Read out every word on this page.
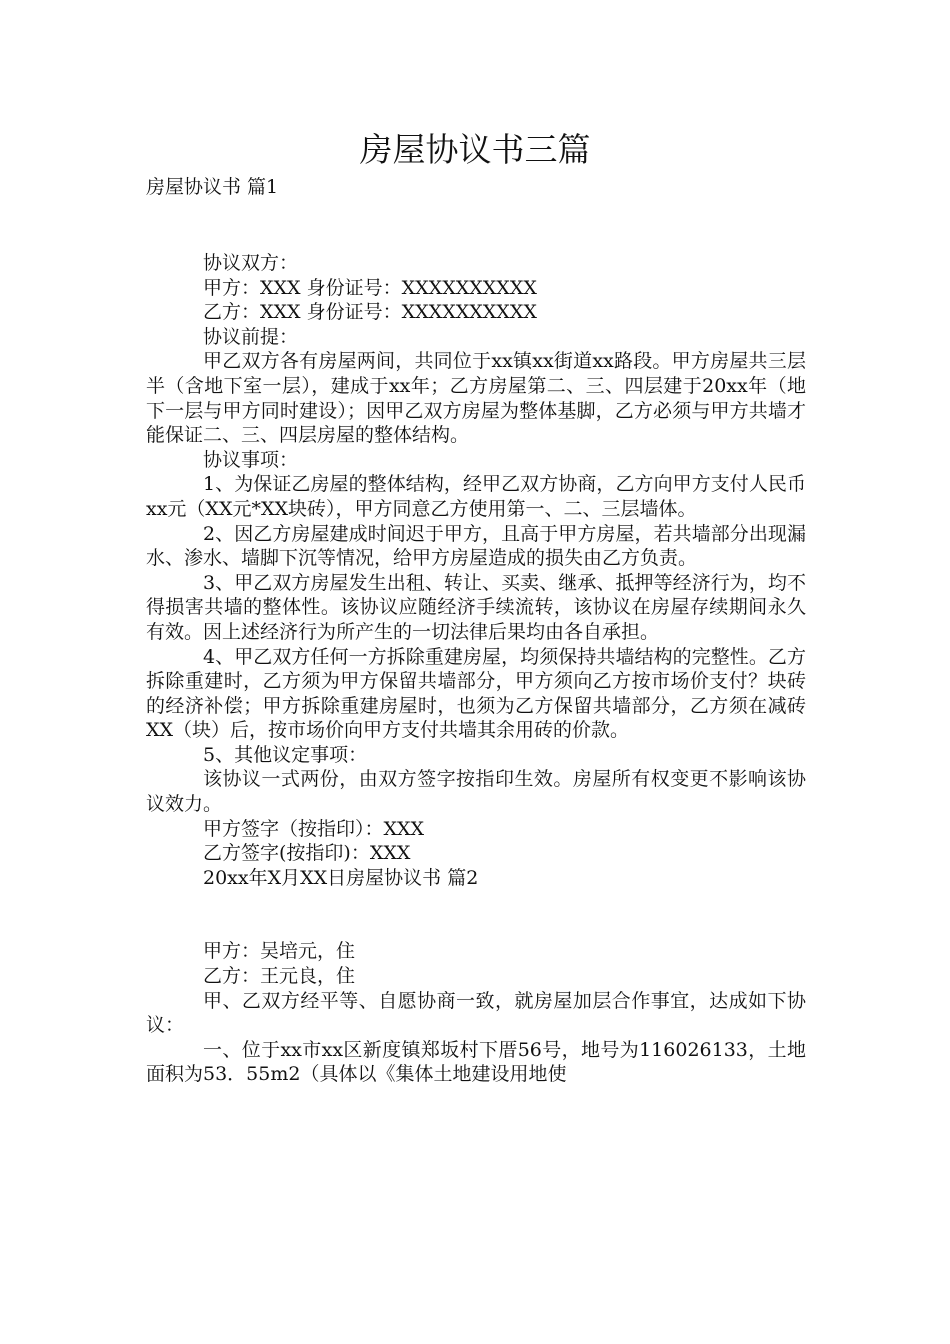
房屋协议书三篇

房屋协议书 篇1

协议双方：

甲方：XXX 身份证号：XXXXXXXXXX

乙方：XXX 身份证号：XXXXXXXXXX

协议前提：

甲乙双方各有房屋两间，共同位于xx镇xx街道xx路段。甲方房屋共三层半（含地下室一层），建成于xx年；乙方房屋第二、三、四层建于20xx年（地下一层与甲方同时建设）；因甲乙双方房屋为整体基脚，乙方必须与甲方共墙才能保证二、三、四层房屋的整体结构。

协议事项：

1、为保证乙房屋的整体结构，经甲乙双方协商，乙方向甲方支付人民币xx元（XX元*XX块砖），甲方同意乙方使用第一、二、三层墙体。

2、因乙方房屋建成时间迟于甲方，且高于甲方房屋，若共墙部分出现漏水、渗水、墙脚下沉等情况，给甲方房屋造成的损失由乙方负责。

3、甲乙双方房屋发生出租、转让、买卖、继承、抵押等经济行为，均不得损害共墙的整体性。该协议应随经济手续流转，该协议在房屋存续期间永久有效。因上述经济行为所产生的一切法律后果均由各自承担。

4、甲乙双方任何一方拆除重建房屋，均须保持共墙结构的完整性。乙方拆除重建时，乙方须为甲方保留共墙部分，甲方须向乙方按市场价支付？块砖的经济补偿；甲方拆除重建房屋时，也须为乙方保留共墙部分，乙方须在减砖XX（块）后，按市场价向甲方支付共墙其余用砖的价款。

5、其他议定事项：

该协议一式两份，由双方签字按指印生效。房屋所有权变更不影响该协议效力。

甲方签字（按指印）：XXX

乙方签字(按指印)：XXX

20xx年X月XX日房屋协议书 篇2

甲方：吴培元，住

乙方：王元良，住

甲、乙双方经平等、自愿协商一致，就房屋加层合作事宜，达成如下协议：

一、位于xx市xx区新度镇郑坂村下厝56号，地号为116026133，土地面积为53．55m2（具体以《集体土地建设用地使
